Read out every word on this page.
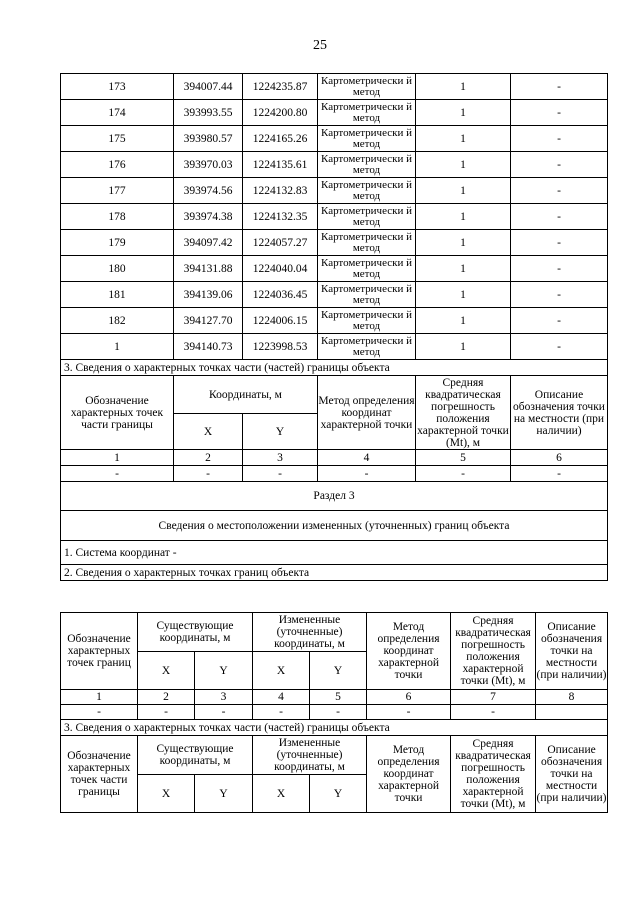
25
173	394007.44	1224235.87	Картометрически й метод	1	-
174	393993.55	1224200.80	Картометрически й метод	1	-
175	393980.57	1224165.26	Картометрически й метод	1	-
176	393970.03	1224135.61	Картометрически й метод	1	-
177	393974.56	1224132.83	Картометрически й метод	1	-
178	393974.38	1224132.35	Картометрически й метод	1	-
179	394097.42	1224057.27	Картометрически й метод	1	-
180	394131.88	1224040.04	Картометрически й метод	1	-
181	394139.06	1224036.45	Картометрически й метод	1	-
182	394127.70	1224006.15	Картометрически й метод	1	-
1	394140.73	1223998.53	Картометрически й метод	1	-
3. Сведения о характерных точках части (частей) границы объекта					
Обозначение характерных точек части границы	Координаты, м		Метод определения координат характерной точки	Средняя квадратическая погрешность положения характерной точки (Mt), м	Описание обозначения точки на местности (при наличии)
	X	Y			
1	2	3	4	5	6
-	-	-	-	-	-
Раздел 3					
Сведения о местоположении измененных (уточненных) границ объекта					
1. Система координат -					
2. Сведения о характерных точках границ объекта					
Обозначение характерных точек границ	Существующие координаты, м		Измененные (уточненные) координаты, м		Метод определения координат характерной точки	Средняя квадратическая погрешность положения характерной точки (Mt), м	Описание обозначения точки на местности (при наличии)
	X	Y	X	Y			
1	2	3	4	5	6	7	8
-	-	-	-	-	-	-	
3. Сведения о характерных точках части (частей) границы объекта							
Обозначение характерных точек части границы	Существующие координаты, м		Измененные (уточненные) координаты, м		Метод определения координат характерной точки	Средняя квадратическая погрешность положения характерной точки (Mt), м	Описание обозначения точки на местности (при наличии)
	X	Y	X	Y			
